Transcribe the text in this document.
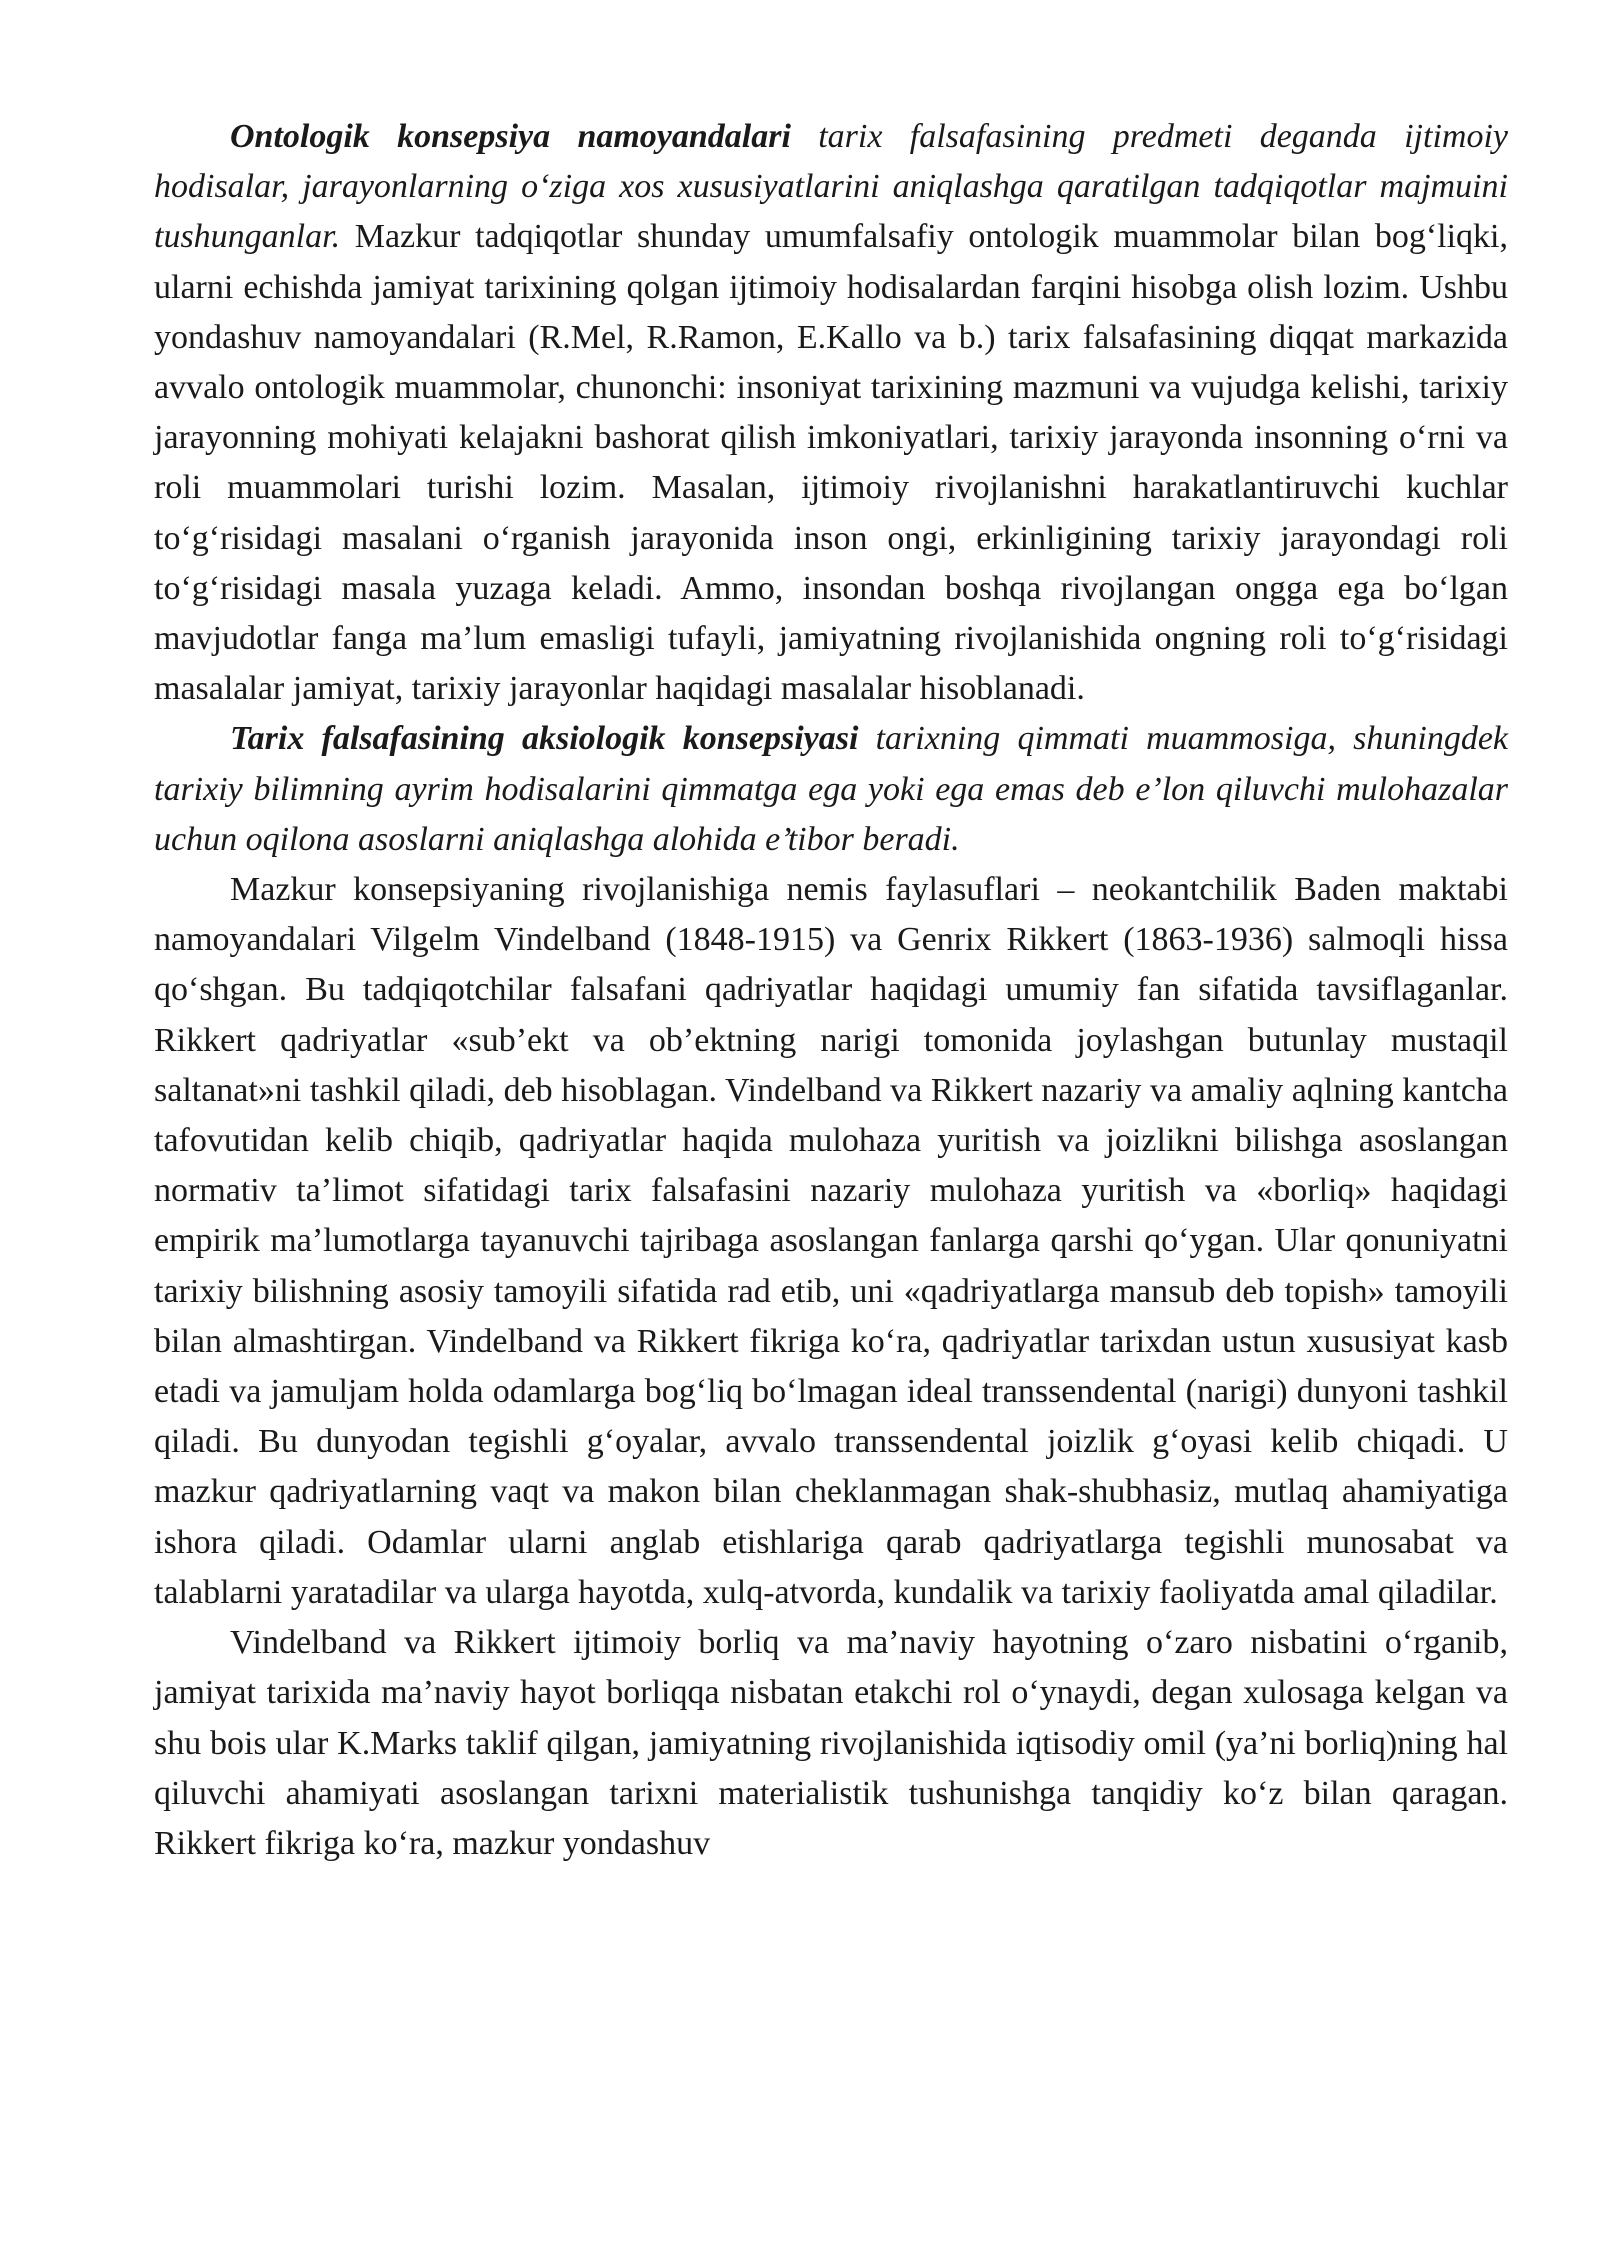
Ontologik konsepsiya namoyandalari tarix falsafasining predmeti deganda ijtimoiy hodisalar, jarayonlarning o‘ziga xos xususiyatlarini aniqlashga qaratilgan tadqiqotlar majmuini tushunganlar. Mazkur tadqiqotlar shunday umumfalsafiy ontologik muammolar bilan bog‘liqki, ularni echishda jamiyat tarixining qolgan ijtimoiy hodisalardan farqini hisobga olish lozim. Ushbu yondashuv namoyandalari (R.Mel, R.Ramon, E.Kallo va b.) tarix falsafasining diqqat markazida avvalo ontologik muammolar, chunonchi: insoniyat tarixining mazmuni va vujudga kelishi, tarixiy jarayonning mohiyati kelajakni bashorat qilish imkoniyatlari, tarixiy jarayonda insonning o‘rni va roli muammolari turishi lozim. Masalan, ijtimoiy rivojlanishni harakatlantiruvchi kuchlar to‘g‘risidagi masalani o‘rganish jarayonida inson ongi, erkinligining tarixiy jarayondagi roli to‘g‘risidagi masala yuzaga keladi. Ammo, insondan boshqa rivojlangan ongga ega bo‘lgan mavjudotlar fanga ma’lum emasligi tufayli, jamiyatning rivojlanishida ongning roli to‘g‘risidagi masalalar jamiyat, tarixiy jarayonlar haqidagi masalalar hisoblanadi.

Tarix falsafasining aksiologik konsepsiyasi tarixning qimmati muammosiga, shuningdek tarixiy bilimning ayrim hodisalarini qimmatga ega yoki ega emas deb e’lon qiluvchi mulohazalar uchun oqilona asoslarni aniqlashga alohida e’tibor beradi.

Mazkur konsepsiyaning rivojlanishiga nemis faylasuflari – neokantchilik Baden maktabi namoyandalari Vilgelm Vindelband (1848-1915) va Genrix Rikkert (1863-1936) salmoqli hissa qo‘shgan. Bu tadqiqotchilar falsafani qadriyatlar haqidagi umumiy fan sifatida tavsiflaganlar. Rikkert qadriyatlar «sub’ekt va ob’ektning narigi tomonida joylashgan butunlay mustaqil saltanat»ni tashkil qiladi, deb hisoblagan. Vindelband va Rikkert nazariy va amaliy aqlning kantcha tafovutidan kelib chiqib, qadriyatlar haqida mulohaza yuritish va joizlikni bilishga asoslangan normativ ta’limot sifatidagi tarix falsafasini nazariy mulohaza yuritish va «borliq» haqidagi empirik ma’lumotlarga tayanuvchi tajribaga asoslangan fanlarga qarshi qo‘ygan. Ular qonuniyatni tarixiy bilishning asosiy tamoyili sifatida rad etib, uni «qadriyatlarga mansub deb topish» tamoyili bilan almashtirgan. Vindelband va Rikkert fikriga ko‘ra, qadriyatlar tarixdan ustun xususiyat kasb etadi va jamuljam holda odamlarga bog‘liq bo‘lmagan ideal transsendental (narigi) dunyoni tashkil qiladi. Bu dunyodan tegishli g‘oyalar, avvalo transsendental joizlik g‘oyasi kelib chiqadi. U mazkur qadriyatlarning vaqt va makon bilan cheklanmagan shak-shubhasiz, mutlaq ahamiyatiga ishora qiladi. Odamlar ularni anglab etishlariga qarab qadriyatlarga tegishli munosabat va talablarni yaratadilar va ularga hayotda, xulq-atvorda, kundalik va tarixiy faoliyatda amal qiladilar.

Vindelband va Rikkert ijtimoiy borliq va ma’naviy hayotning o‘zaro nisbatini o‘rganib, jamiyat tarixida ma’naviy hayot borliqqa nisbatan etakchi rol o‘ynaydi, degan xulosaga kelgan va shu bois ular K.Marks taklif qilgan, jamiyatning rivojlanishida iqtisodiy omil (ya’ni borliq)ning hal qiluvchi ahamiyati asoslangan tarixni materialistik tushunishga tanqidiy ko‘z bilan qaragan. Rikkert fikriga ko‘ra, mazkur yondashuv
